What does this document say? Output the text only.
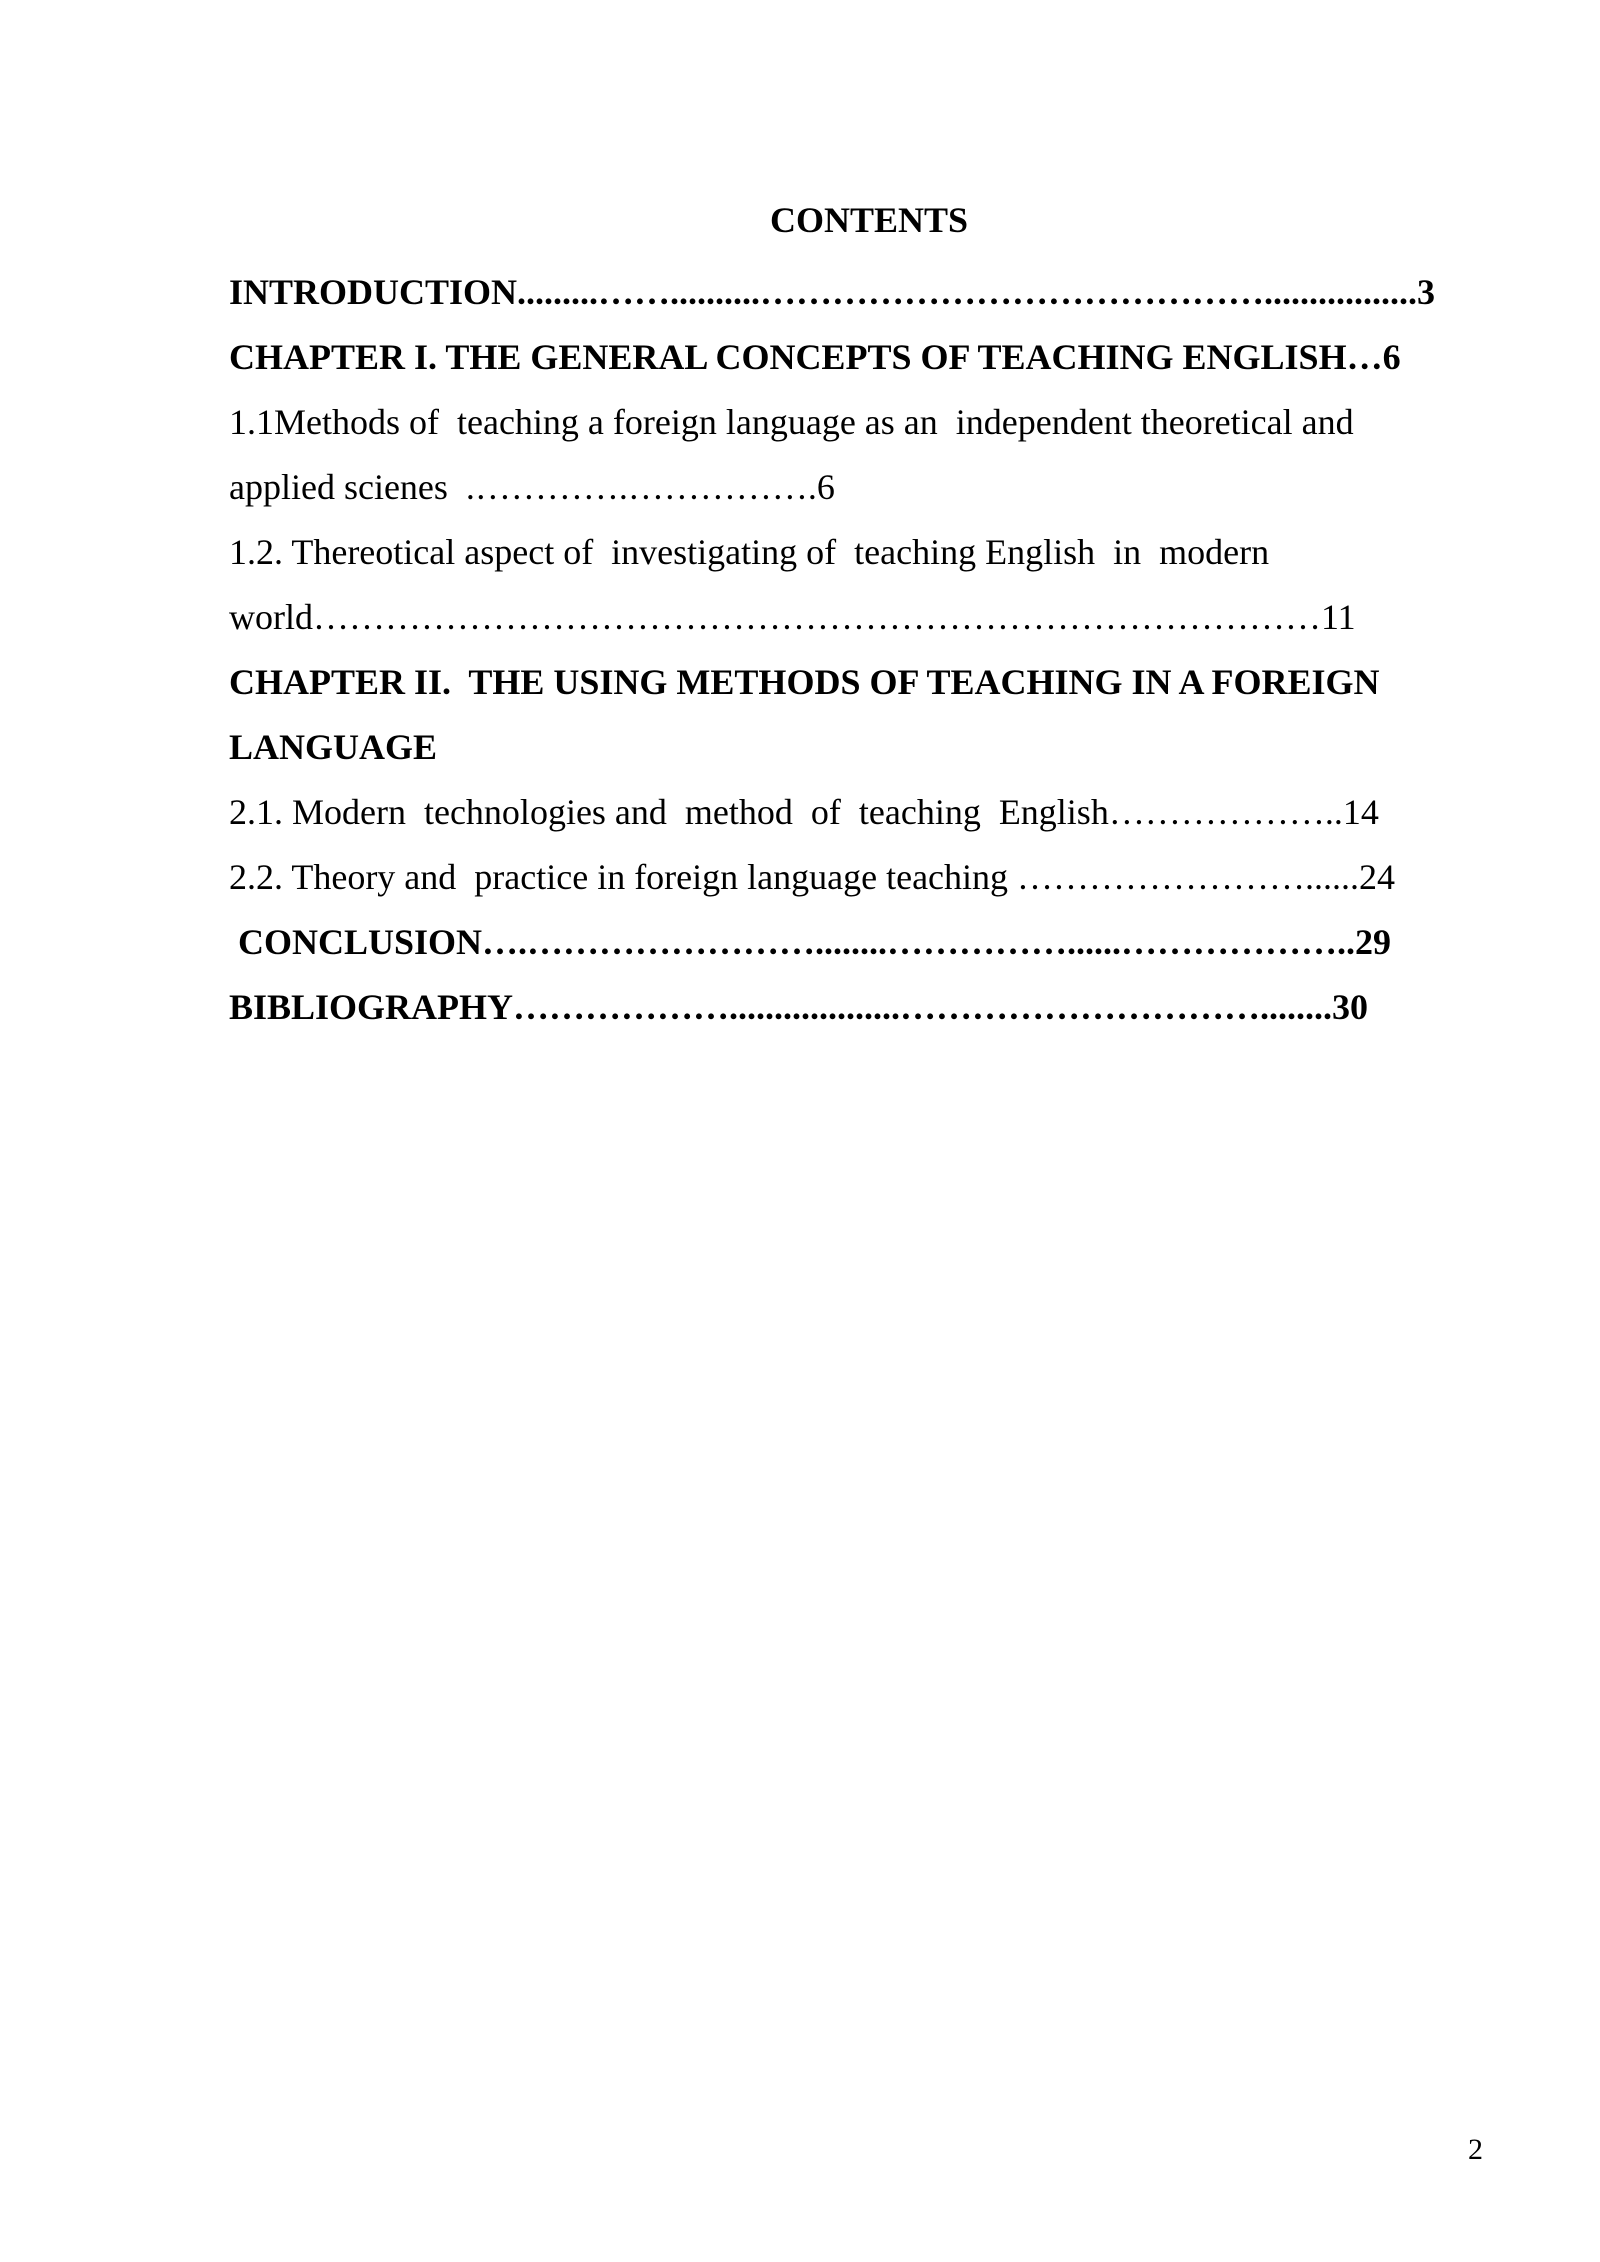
CONTENTS
INTRODUCTION.........……..........…………………………………….................3
CHAPTER I. THE GENERAL CONCEPTS OF TEACHING ENGLISH…6
1.1Methods of  teaching a foreign language as an  independent theoretical and
applied scienes  .………….…………….6
1.2. Thereotical aspect of  investigating of  teaching English  in  modern
world…………………………………………………………………………11
CHAPTER II.  THE USING METHODS OF TEACHING IN A FOREIGN
LANGUAGE
2.1. Modern  technologies and  method  of  teaching  English………………..14
2.2. Theory and  practice in foreign language teaching ……………………......24
CONCLUSION….……………………........……………......………………..29
BIBLIOGRAPHY………………...................…………………………........30
2
